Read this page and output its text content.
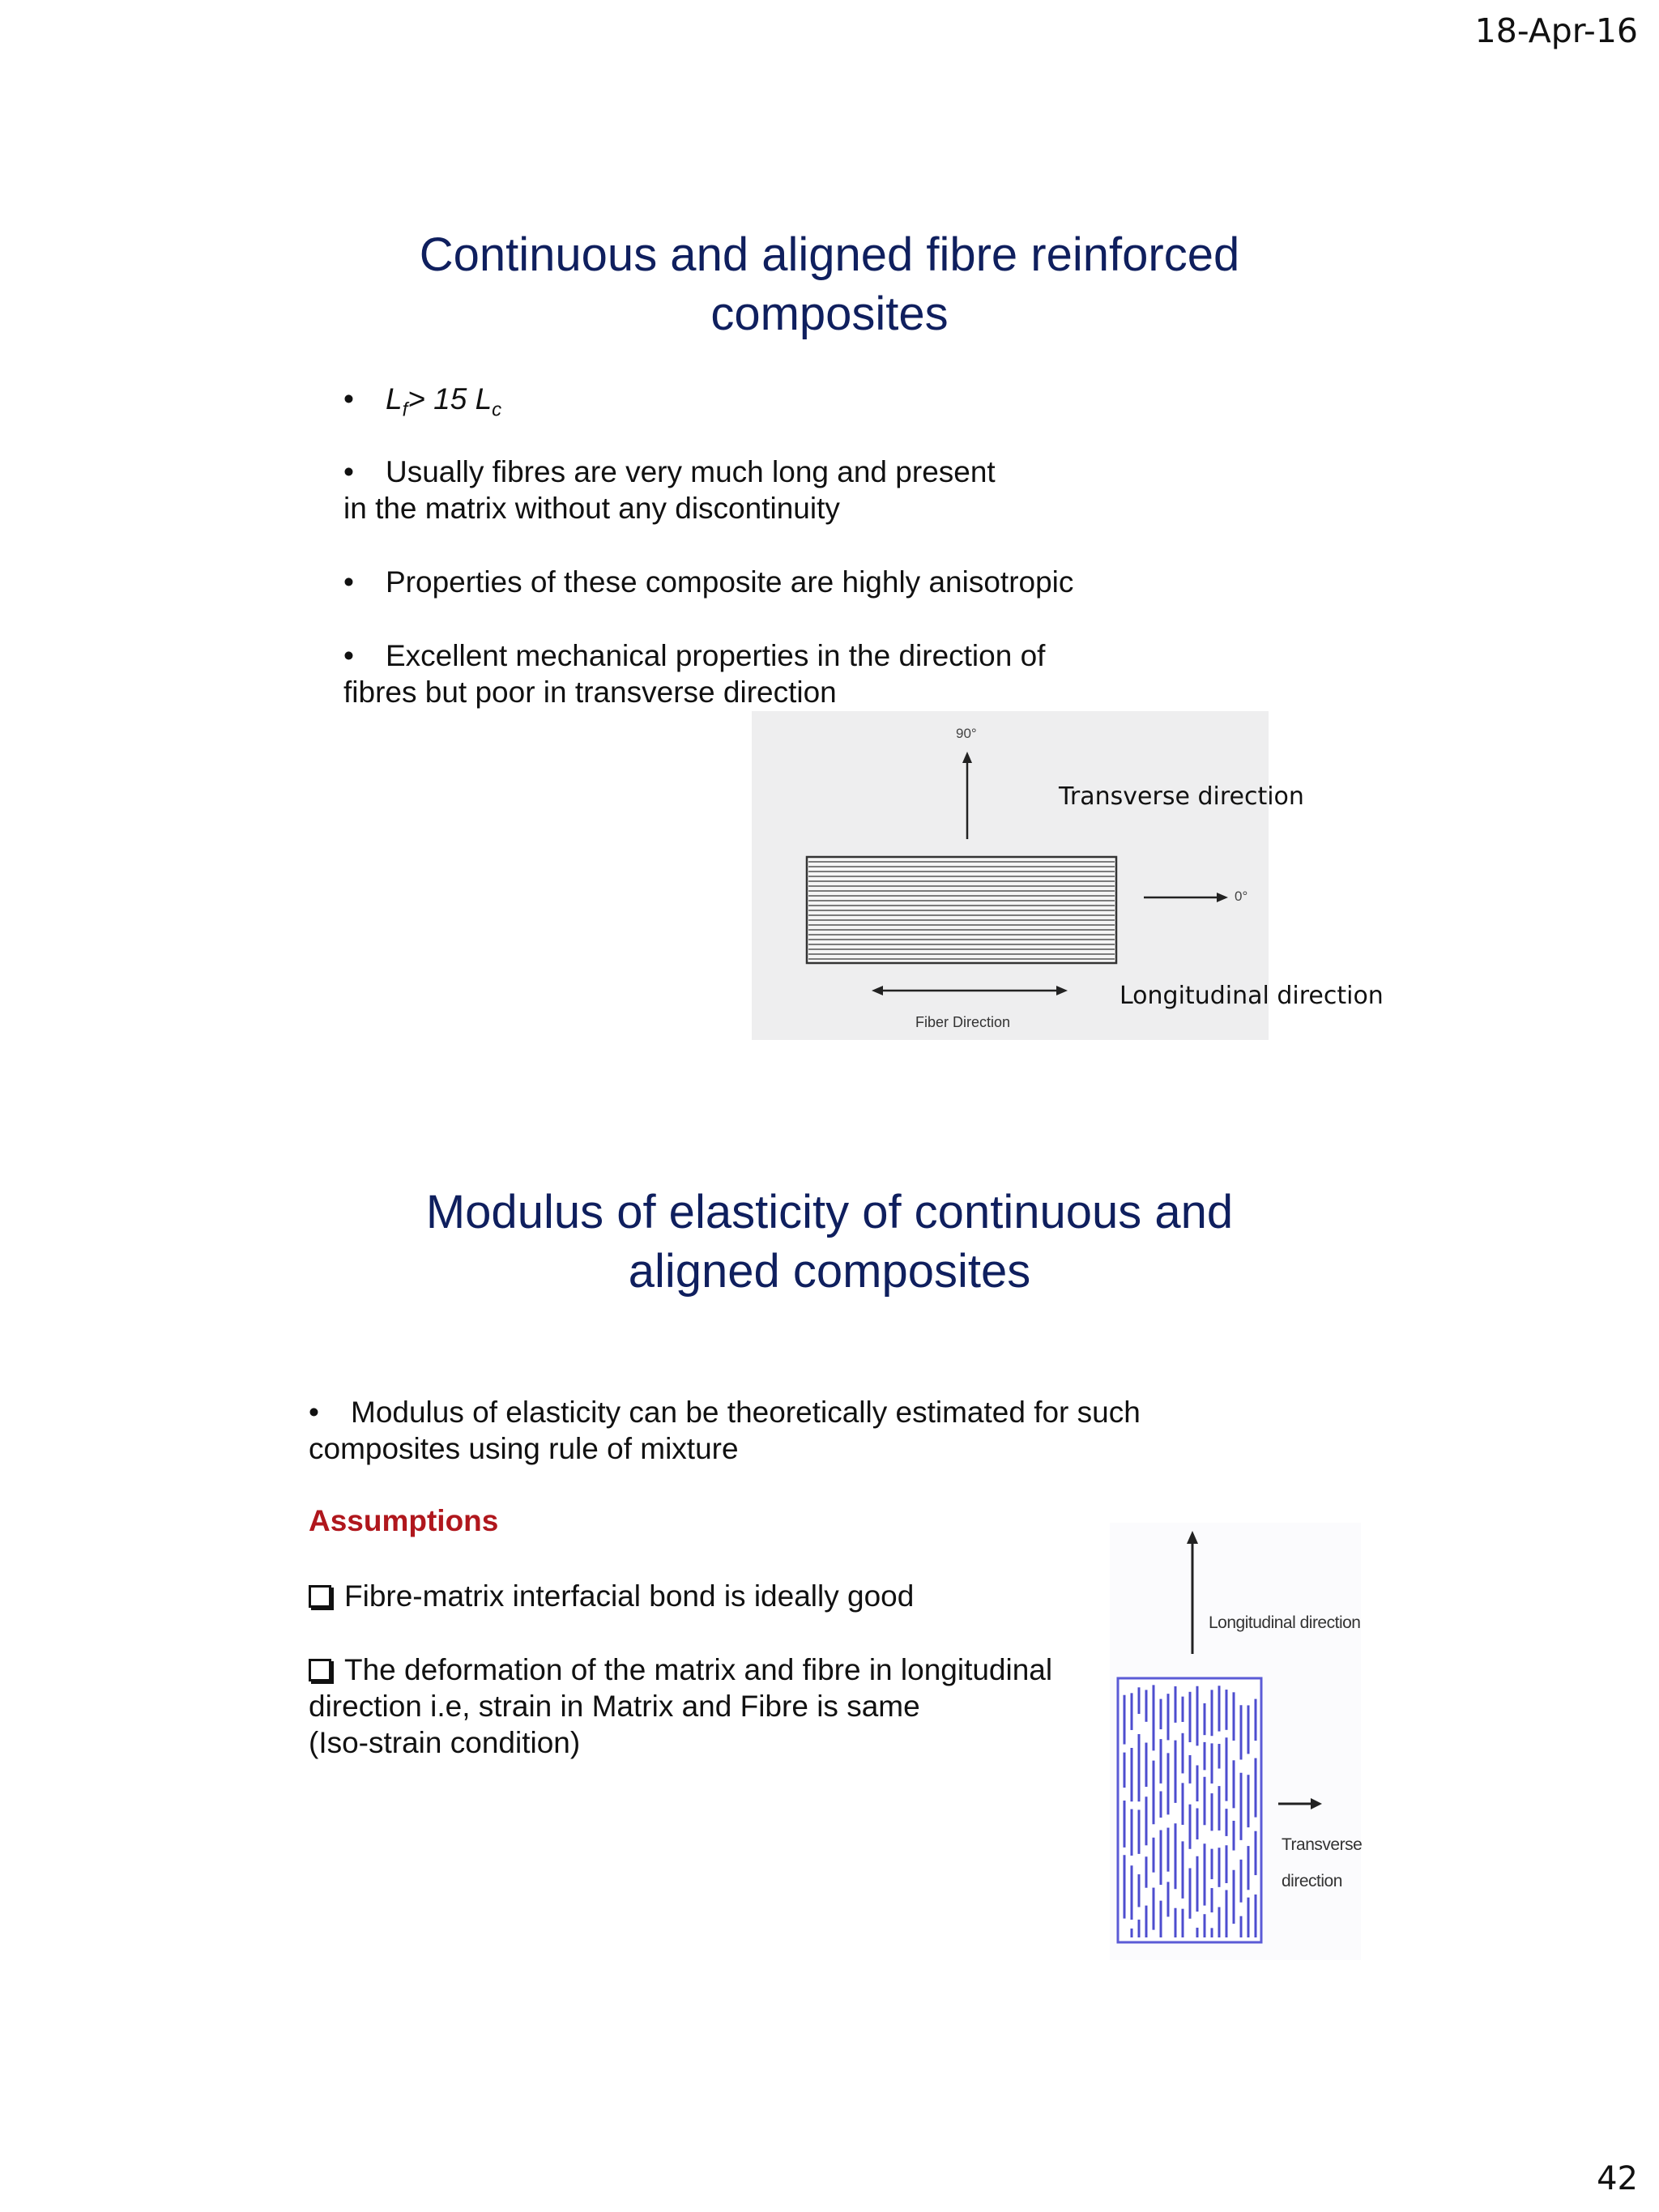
18-Apr-16
42
Continuous and aligned fibre reinforced
composites
• $L_f> 15$ $L_c$
• Usually fibres are very much long and present
in the matrix without any discontinuity
• Properties of these composite are highly anisotropic
• Excellent mechanical properties in the direction of
fibres but poor in transverse direction
90°
0°
Fiber Direction
Transverse direction
Longitudinal direction
Modulus of elasticity of continuous and
aligned composites
• Modulus of elasticity can be theoretically estimated for such
composites using rule of mixture
Assumptions
Fibre-matrix interfacial bond is ideally good
The deformation of the matrix and fibre in longitudinal
direction i.e, strain in Matrix and Fibre is same
(Iso-strain condition)
Longitudinal direction
Transverse
direction
